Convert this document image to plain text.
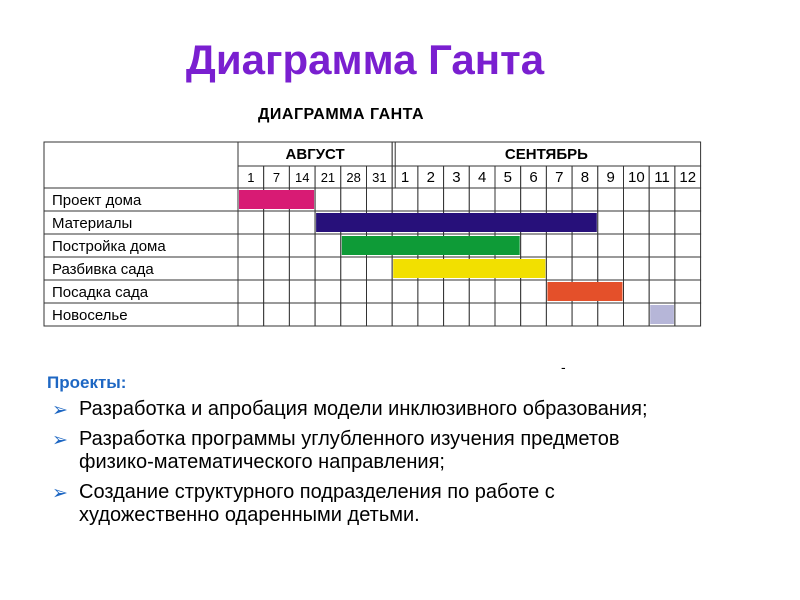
Диаграмма Ганта
ДИАГРАММА ГАНТА
АВГУСТ
1 7 14 21 28 31
СЕНТЯБРЬ
1 2 3 4 5 6 7 8 9 10 11 12
Проект дома
Материалы
Постройка дома
Разбивка сада
Посадка сада
Новоселье
-
Проекты:
➢ Разработка и апробация модели инклюзивного образования;
➢ Разработка программы углубленного изучения предметов физико-математического направления;
➢ Создание структурного подразделения по работе с художественно одаренными детьми.
